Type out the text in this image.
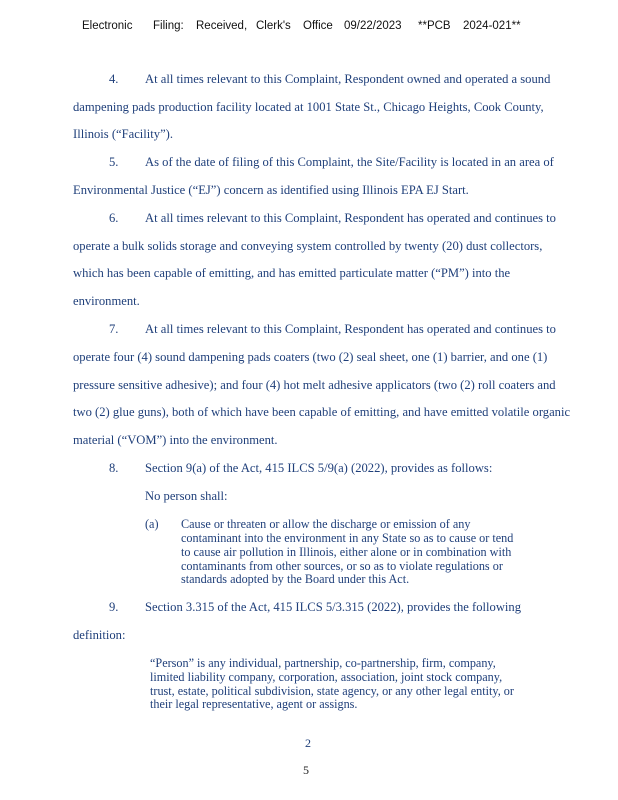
Electronic Filing: Received, Clerk's Office 09/22/2023 **PCB 2024-021**
4. At all times relevant to this Complaint, Respondent owned and operated a sound
dampening pads production facility located at 1001 State St., Chicago Heights, Cook County,
Illinois (“Facility”).
5. As of the date of filing of this Complaint, the Site/Facility is located in an area of
Environmental Justice (“EJ”) concern as identified using Illinois EPA EJ Start.
6. At all times relevant to this Complaint, Respondent has operated and continues to
operate a bulk solids storage and conveying system controlled by twenty (20) dust collectors,
which has been capable of emitting, and has emitted particulate matter (“PM”) into the
environment.
7. At all times relevant to this Complaint, Respondent has operated and continues to
operate four (4) sound dampening pads coaters (two (2) seal sheet, one (1) barrier, and one (1)
pressure sensitive adhesive); and four (4) hot melt adhesive applicators (two (2) roll coaters and
two (2) glue guns), both of which have been capable of emitting, and have emitted volatile organic
material (“VOM”) into the environment.
8. Section 9(a) of the Act, 415 ILCS 5/9(a) (2022), provides as follows:
No person shall:
(a) Cause or threaten or allow the discharge or emission of any
contaminant into the environment in any State so as to cause or tend
to cause air pollution in Illinois, either alone or in combination with
contaminants from other sources, or so as to violate regulations or
standards adopted by the Board under this Act.
9. Section 3.315 of the Act, 415 ILCS 5/3.315 (2022), provides the following
definition:
“Person” is any individual, partnership, co-partnership, firm, company,
limited liability company, corporation, association, joint stock company,
trust, estate, political subdivision, state agency, or any other legal entity, or
their legal representative, agent or assigns.
2
5
